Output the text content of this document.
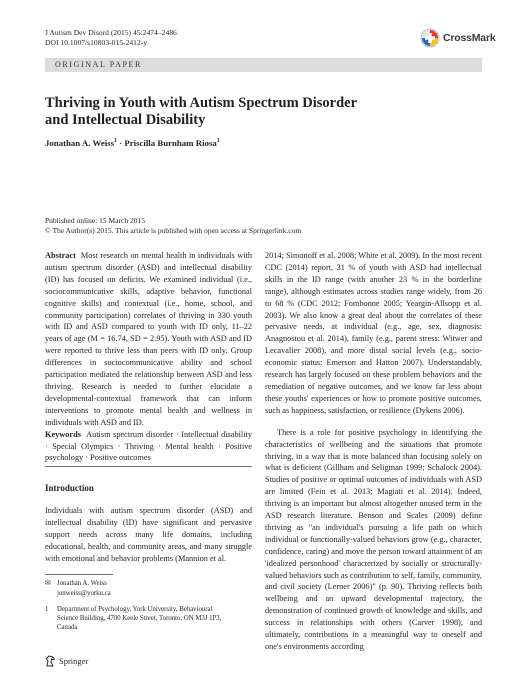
J Autism Dev Disord (2015) 45:2474–2486
DOI 10.1007/s10803-015-2412-y	CrossMark
ORIGINAL PAPER
Thriving in Youth with Autism Spectrum Disorder
and Intellectual Disability
Jonathan A. Weiss$^1$ · Priscilla Burnham Riosa$^1$
Published online: 15 March 2015
© The Author(s) 2015. This article is published with open access at Springerlink.com

Abstract Most research on mental health in individuals with autism spectrum disorder (ASD) and intellectual disability (ID) has focused on deficits. We examined individual (i.e., sociocommunicative skills, adaptive behavior, functional cognitive skills) and contextual (i.e., home, school, and community participation) correlates of thriving in 330 youth with ID and ASD compared to youth with ID only, 11–22 years of age (M = 16.74, SD = 2.95). Youth with ASD and ID were reported to thrive less than peers with ID only. Group differences in sociocommunicative ability and school participation mediated the relationship between ASD and less thriving. Research is needed to further elucidate a developmental-contextual framework that can inform interventions to promote mental health and wellness in individuals with ASD and ID.

Keywords Autism spectrum disorder · Intellectual disability · Special Olympics · Thriving · Mental health · Positive psychology · Positive outcomes

Introduction
Individuals with autism spectrum disorder (ASD) and intellectual disability (ID) have significant and pervasive support needs across many life domains, including educational, health, and community areas, and many struggle with emotional and behavior problems (Mannion et al.

2014; Simonoff et al. 2008; White et al. 2009). In the most recent CDC (2014) report, 31 % of youth with ASD had intellectual skills in the ID range (with another 23 % in the borderline range), although estimates across studies range widely, from 26 to 68 % (CDC 2012; Fombonne 2005; Yeargin-Allsopp et al. 2003). We also know a great deal about the correlates of these pervasive needs, at individual (e.g., age, sex, diagnosis: Anagnostou et al. 2014), family (e.g., parent stress: Witwer and Lecavalier 2008), and more distal social levels (e.g., socio-economic status: Emerson and Hatton 2007). Understandably, research has largely focused on these problem behaviors and the remediation of negative outcomes, and we know far less about these youths' experiences or how to promote positive outcomes, such as happiness, satisfaction, or resilience (Dykens 2006).

There is a role for positive psychology in identifying the characteristics of wellbeing and the situations that promote thriving, in a way that is more balanced than focusing solely on what is deficient (Gillham and Seligman 1999; Schalock 2004). Studies of positive or optimal outcomes of individuals with ASD are limited (Fein et al. 2013; Magiati et al. 2014). Indeed, thriving is an important but almost altogether unused term in the ASD research literature. Benson and Scales (2009) define thriving as "an individual's pursuing a life path on which individual or functionally-valued behaviors grow (e.g., character, confidence, caring) and move the person toward attainment of an 'idealized personhood' characterized by socially or structurally-valued behaviors such as contribution to self, family, community, and civil society (Lerner 2006)" (p. 90). Thriving reflects both wellbeing and an upward developmental trajectory, the demonstration of continued growth of knowledge and skills, and success in relationships with others (Carver 1998), and ultimately, contributions in a meaningful way to oneself and one's environments according

✉ Jonathan A. Weiss
jonweiss@yorku.ca
1 Department of Psychology, York University, Behavioural
Science Building, 4700 Keele Street, Toronto, ON M3J 1P3,
Canada
Springer
